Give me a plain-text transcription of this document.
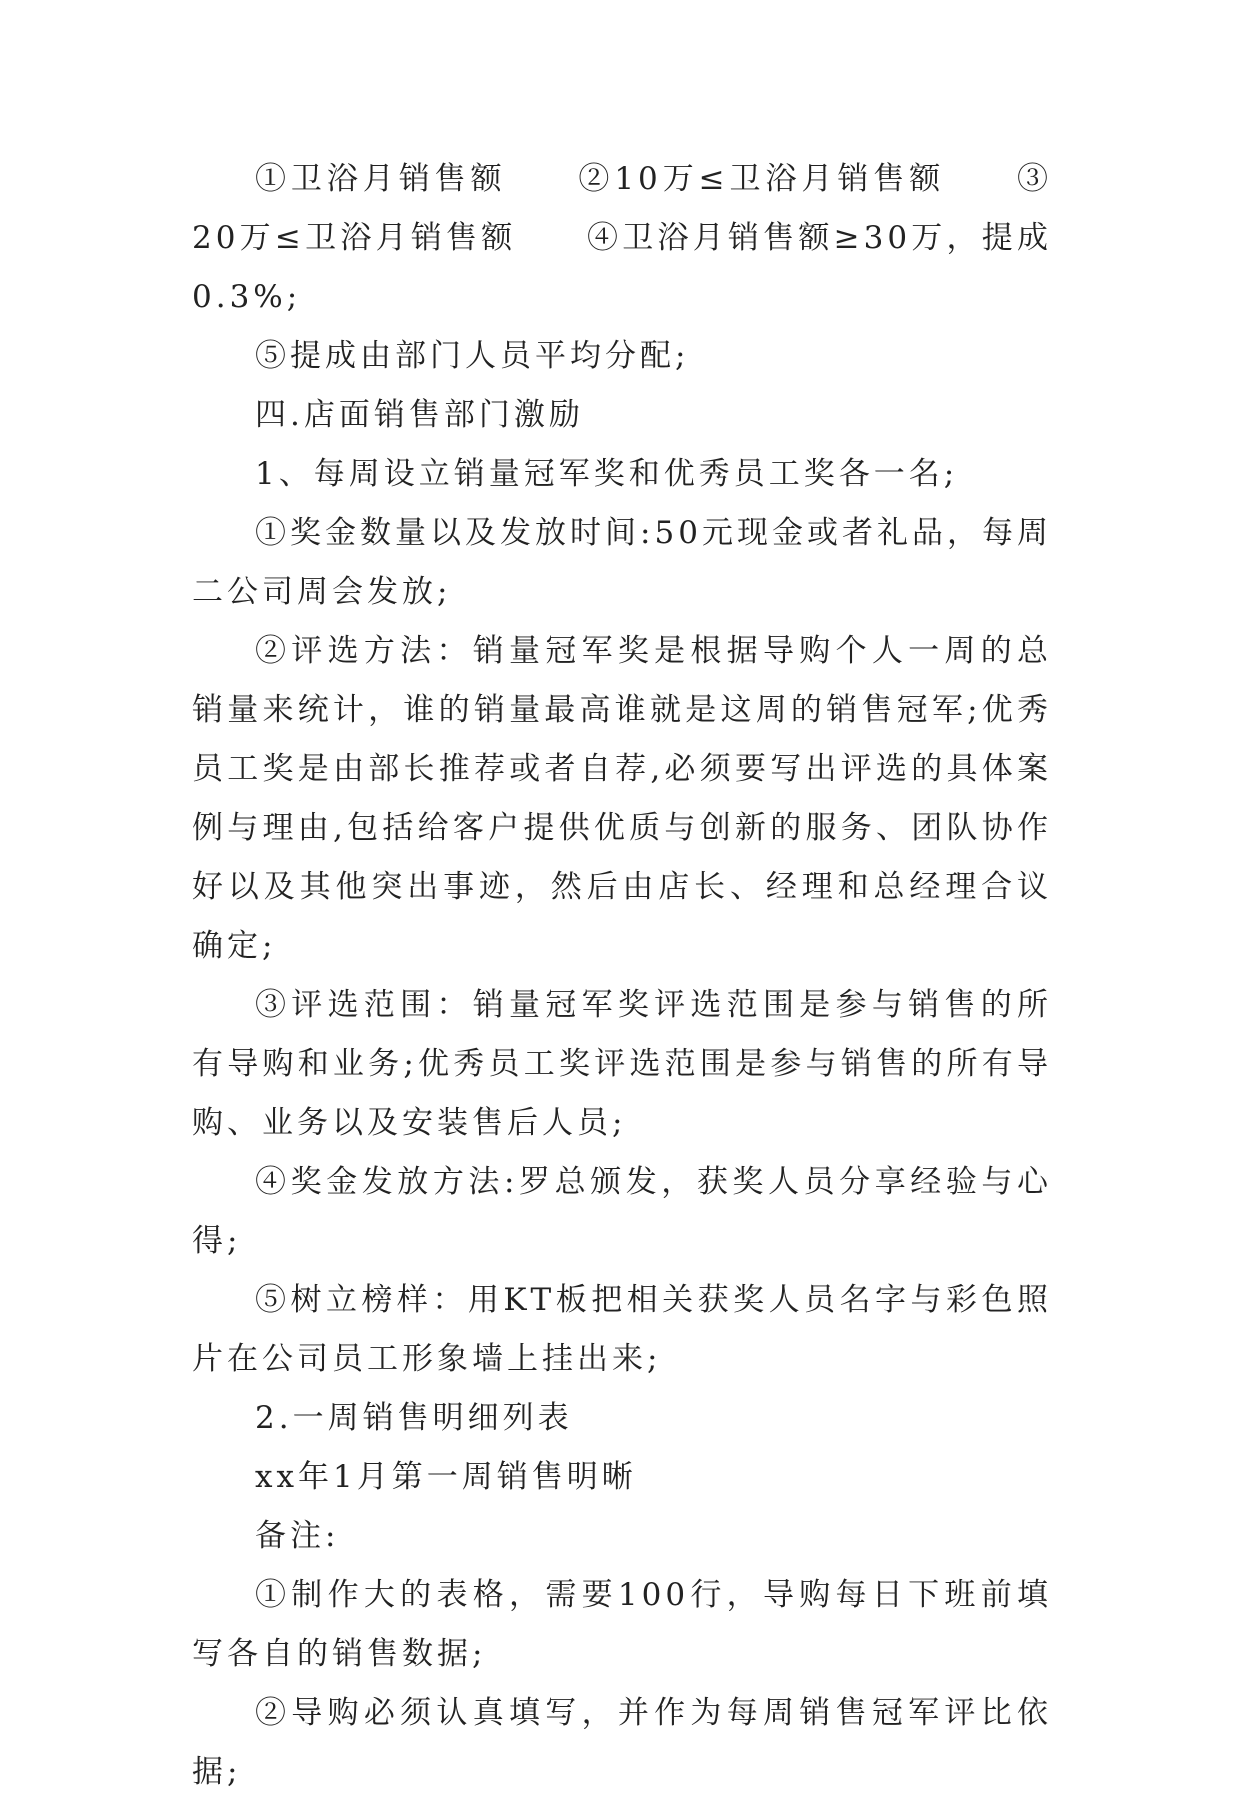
①卫浴月销售额　　②10万≤卫浴月销售额　　③20万≤卫浴月销售额　　④卫浴月销售额≥30万，提成0.3%;

⑤提成由部门人员平均分配;

四.店面销售部门激励

1、每周设立销量冠军奖和优秀员工奖各一名;

①奖金数量以及发放时间:50元现金或者礼品，每周二公司周会发放;

②评选方法：销量冠军奖是根据导购个人一周的总销量来统计，谁的销量最高谁就是这周的销售冠军;优秀员工奖是由部长推荐或者自荐,必须要写出评选的具体案例与理由,包括给客户提供优质与创新的服务、团队协作好以及其他突出事迹，然后由店长、经理和总经理合议确定;

③评选范围：销量冠军奖评选范围是参与销售的所有导购和业务;优秀员工奖评选范围是参与销售的所有导购、业务以及安装售后人员;

④奖金发放方法:罗总颁发，获奖人员分享经验与心得;

⑤树立榜样：用KT板把相关获奖人员名字与彩色照片在公司员工形象墙上挂出来;

2.一周销售明细列表

xx年1月第一周销售明晰

备注:

①制作大的表格，需要100行，导购每日下班前填写各自的销售数据;

②导购必须认真填写，并作为每周销售冠军评比依据;
